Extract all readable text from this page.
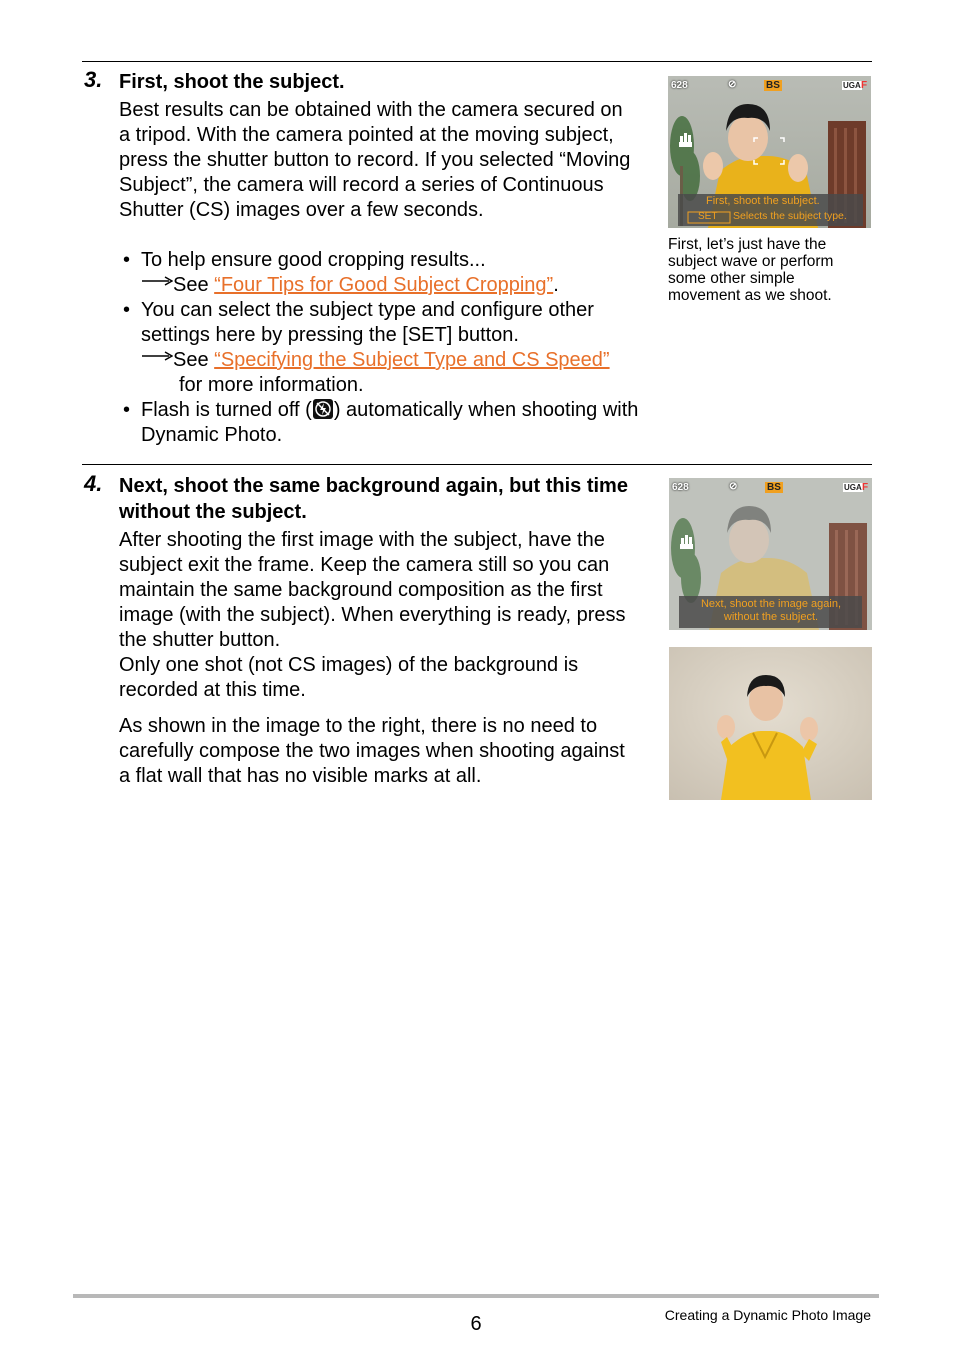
3. First, shoot the subject.
Best results can be obtained with the camera secured on a tripod. With the camera pointed at the moving subject, press the shutter button to record. If you selected “Moving Subject”, the camera will record a series of Continuous Shutter (CS) images over a few seconds.
• To help ensure good cropping results...
See “Four Tips for Good Subject Cropping”.
• You can select the subject type and configure other settings here by pressing the [SET] button.
See “Specifying the Subject Type and CS Speed”
for more information.
• Flash is turned off ( ) automatically when shooting with Dynamic Photo.
628	⊘	BS	UGA F
First, shoot the subject.
SET Selects the subject type.
First, let’s just have the subject wave or perform some other simple movement as we shoot.
4. Next, shoot the same background again, but this time without the subject.
After shooting the first image with the subject, have the subject exit the frame. Keep the camera still so you can maintain the same background composition as the first image (with the subject). When everything is ready, press the shutter button.
Only one shot (not CS images) of the background is recorded at this time.
As shown in the image to the right, there is no need to carefully compose the two images when shooting against a flat wall that has no visible marks at all.
628	⊘	BS	UGA F
Next, shoot the image again, without the subject.
6	Creating a Dynamic Photo Image
